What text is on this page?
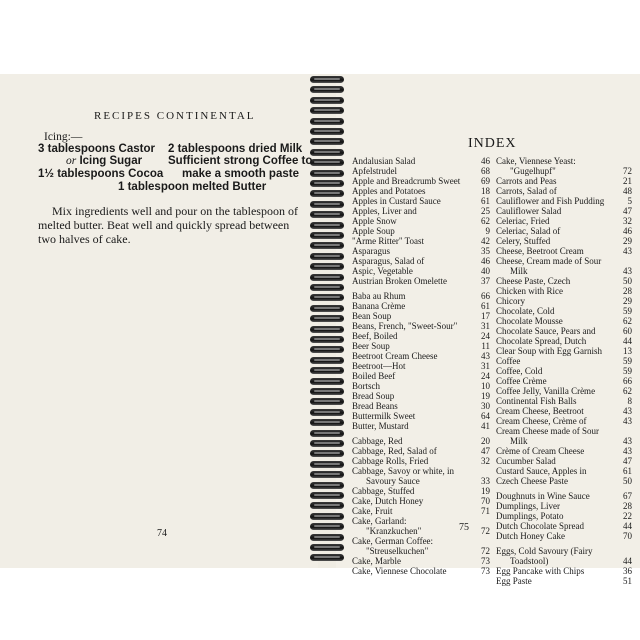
RECIPES CONTINENTAL
Icing:—
3 tablespoons Castor
or Icing Sugar
1½ tablespoons Cocoa
2 tablespoons dried Milk
Sufficient strong Coffee to
make a smooth paste
1 tablespoon melted Butter

Mix ingredients well and pour on the tablespoon of melted butter. Beat well and quickly spread between two halves of cake.

74
INDEX
Andalusian Salad	46
Apfelstrudel	68
Apple and Breadcrumb Sweet	69
Apples and Potatoes	18
Apples in Custard Sauce	61
Apples, Liver and	25
Apple Snow	62
Apple Soup	9
"Arme Ritter" Toast	42
Asparagus	35
Asparagus, Salad of	46
Aspic, Vegetable	40
Austrian Broken Omelette	37
Baba au Rhum	66
Banana Crème	61
Bean Soup	17
Beans, French, "Sweet-Sour"	31
Beef, Boiled	24
Beer Soup	11
Beetroot Cream Cheese	43
Beetroot—Hot	31
Boiled Beef	24
Bortsch	10
Bread Soup	19
Bread Beans	30
Buttermilk Sweet	64
Butter, Mustard	41
Cabbage, Red	20
Cabbage, Red, Salad of	47
Cabbage Rolls, Fried	32
Cabbage, Savoy or white, in
Savoury Sauce	33
Cabbage, Stuffed	19
Cake, Dutch Honey	70
Cake, Fruit	71
Cake, Garland:
"Kranzkuchen"	72
Cake, German Coffee:
"Streuselkuchen"	72
Cake, Marble	73
Cake, Viennese Chocolate	73
Cake, Viennese Yeast:
"Gugelhupf"	72
Carrots and Peas	21
Carrots, Salad of	48
Cauliflower and Fish Pudding	5
Cauliflower Salad	47
Celeriac, Fried	32
Celeriac, Salad of	46
Celery, Stuffed	29
Cheese, Beetroot Cream	43
Cheese, Cream made of Sour
Milk	43
Cheese Paste, Czech	50
Chicken with Rice	28
Chicory	29
Chocolate, Cold	59
Chocolate Mousse	62
Chocolate Sauce, Pears and	60
Chocolate Spread, Dutch	44
Clear Soup with Egg Garnish	13
Coffee	59
Coffee, Cold	59
Coffee Crème	66
Coffee Jelly, Vanilla Crème	62
Continental Fish Balls	8
Cream Cheese, Beetroot	43
Cream Cheese, Crème of	43
Cream Cheese made of Sour
Milk	43
Crème of Cream Cheese	43
Cucumber Salad	47
Custard Sauce, Apples in	61
Czech Cheese Paste	50
Doughnuts in Wine Sauce	67
Dumplings, Liver	28
Dumplings, Potato	22
Dutch Chocolate Spread	44
Dutch Honey Cake	70
Eggs, Cold Savoury (Fairy
Toadstool)	44
Egg Pancake with Chips	36
Egg Paste	51
75
